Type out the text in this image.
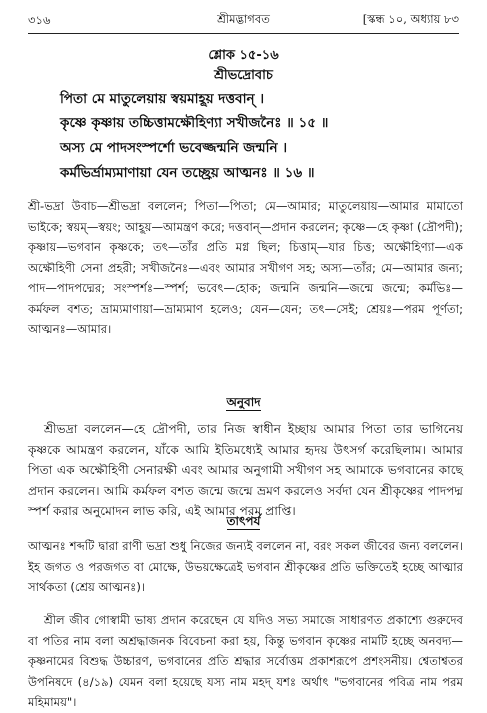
৩১৬	শ্রীমদ্ভাগবত	[স্কন্ধ ১০, অধ্যায় ৮৩
শ্লোক ১৫-১৬
শ্রীভদ্রোবাচ
পিতা মে মাতুলেয়ায় স্বয়মাহূয় দত্তবান্‌ ।
কৃষ্ণে কৃষ্ণায় তচ্চিত্তামক্ষৌহিণ্যা সখীজনৈঃ ॥ ১৫ ॥
অস্য মে পাদসংস্পর্শো ভবেজ্জন্মনি জন্মনি ।
কর্মভির্ভ্রাম্যমাণায়া যেন তচ্ছ্রেয় আত্মনঃ ॥ ১৬ ॥
শ্রী-ভদ্রা উবাচ—শ্রীভদ্রা বললেন; পিতা—পিতা; মে—আমার; মাতুলেয়ায়—আমার মামাতো ভাইকে; স্বয়ম্‌—স্বয়ং; আহূয়—আমন্ত্রণ করে; দত্তবান্‌—প্রদান করলেন; কৃষ্ণে—হে কৃষ্ণা (দ্রৌপদী); কৃষ্ণায়—ভগবান কৃষ্ণকে; তৎ—তাঁর প্রতি মগ্ন ছিল; চিত্তাম্‌—যার চিত্ত; অক্ষৌহিণ্যা—এক অক্ষৌহিণী সেনা প্রহরী; সখীজনৈঃ—এবং আমার সখীগণ সহ; অস্য—তাঁর; মে—আমার জন্য; পাদ—পাদপদ্মের; সংস্পর্শঃ—স্পর্শ; ভবেৎ—হোক; জন্মনি জন্মনি—জন্মে জন্মে; কর্মভিঃ—কর্মফল বশত; ভ্রাম্যমাণায়া—ভ্রাম্যমাণ হলেও; যেন—যেন; তৎ—সেই; শ্রেয়ঃ—পরম পূর্ণতা; আত্মনঃ—আমার।
অনুবাদ
শ্রীভদ্রা বললেন—হে দ্রৌপদী, তার নিজ স্বাধীন ইচ্ছায় আমার পিতা তার ভাগিনেয় কৃষ্ণকে আমন্ত্রণ করলেন, যাঁকে আমি ইতিমধ্যেই আমার হৃদয় উৎসর্গ করেছিলাম। আমার পিতা এক অক্ষৌহিণী সেনারক্ষী এবং আমার অনুগামী সখীগণ সহ আমাকে ভগবানের কাছে প্রদান করলেন। আমি কর্মফল বশত জন্মে জন্মে ভ্রমণ করলেও সর্বদা যেন শ্রীকৃষ্ণের পাদপদ্ম স্পর্শ করার অনুমোদন লাভ করি, এই আমার পরম প্রাপ্তি।
তাৎপর্য
আত্মনঃ শব্দটি দ্বারা রাণী ভদ্রা শুধু নিজের জন্যই বললেন না, বরং সকল জীবের জন্য বললেন। ইহ জগত ও পরজগত বা মোক্ষে, উভয়ক্ষেত্রেই ভগবান শ্রীকৃষ্ণের প্রতি ভক্তিতেই হচ্ছে আত্মার সার্থকতা (শ্রেয় আত্মনঃ)।
শ্রীল জীব গোস্বামী ভাষ্য প্রদান করেছেন যে যদিও সভ্য সমাজে সাধারণত প্রকাশ্যে গুরুদেব বা পতির নাম বলা অশ্রদ্ধাজনক বিবেচনা করা হয়, কিন্তু ভগবান কৃষ্ণের নামটি হচ্ছে অনবদ্য—কৃষ্ণনামের বিশুদ্ধ উচ্চারণ, ভগবানের প্রতি শ্রদ্ধার সর্বোত্তম প্রকাশরূপে প্রশংসনীয়। শ্বেতাশ্বতর উপনিষদে (৪/১৯) যেমন বলা হয়েছে যস্য নাম মহদ্‌ যশঃ অর্থাৎ "ভগবানের পবিত্র নাম পরম মহিমাময়"।
